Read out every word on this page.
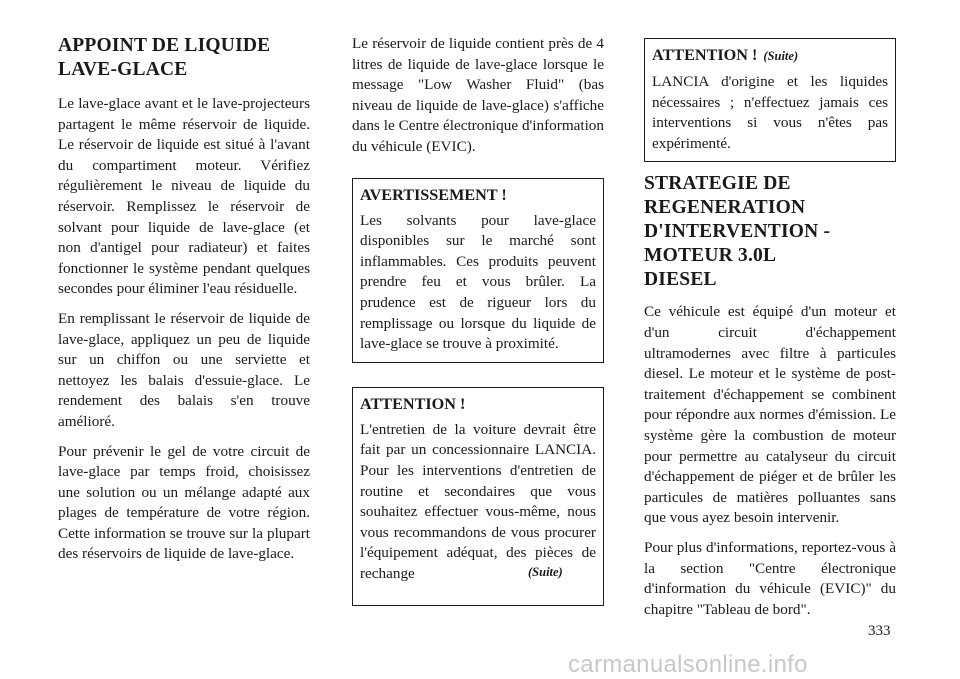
APPOINT DE LIQUIDE LAVE-GLACE

Le lave-glace avant et le lave-projecteurs partagent le même réservoir de liquide. Le réservoir de liquide est situé à l'avant du compartiment moteur. Vérifiez régulièrement le niveau de liquide du réservoir. Remplissez le réservoir de solvant pour liquide de lave-glace (et non d'antigel pour radiateur) et faites fonctionner le système pendant quelques secondes pour éliminer l'eau résiduelle.

En remplissant le réservoir de liquide de lave-glace, appliquez un peu de liquide sur un chiffon ou une serviette et nettoyez les balais d'essuie-glace. Le rendement des balais s'en trouve amélioré.

Pour prévenir le gel de votre circuit de lave-glace par temps froid, choisissez une solution ou un mélange adapté aux plages de température de votre région. Cette information se trouve sur la plupart des réservoirs de liquide de lave-glace.

Le réservoir de liquide contient près de 4 litres de liquide de lave-glace lorsque le message "Low Washer Fluid" (bas niveau de liquide de lave-glace) s'affiche dans le Centre électronique d'information du véhicule (EVIC).

AVERTISSEMENT !

Les solvants pour lave-glace disponibles sur le marché sont inflammables. Ces produits peuvent prendre feu et vous brûler. La prudence est de rigueur lors du remplissage ou lorsque du liquide de lave-glace se trouve à proximité.

ATTENTION !

L'entretien de la voiture devrait être fait par un concessionnaire LANCIA. Pour les interventions d'entretien de routine et secondaires que vous souhaitez effectuer vous-même, nous vous recommandons de vous procurer l'équipement adéquat, des pièces de rechange	(Suite)
ATTENTION ! (Suite)

LANCIA d'origine et les liquides nécessaires ; n'effectuez jamais ces interventions si vous n'êtes pas expérimenté.

STRATEGIE DE REGENERATION D'INTERVENTION - MOTEUR 3.0L DIESEL

Ce véhicule est équipé d'un moteur et d'un circuit d'échappement ultramodernes avec filtre à particules diesel. Le moteur et le système de post-traitement d'échappement se combinent pour répondre aux normes d'émission. Le système gère la combustion de moteur pour permettre au catalyseur du circuit d'échappement de piéger et de brûler les particules de matières polluantes sans que vous ayez besoin intervenir.

Pour plus d'informations, reportez-vous à la section "Centre électronique d'information du véhicule (EVIC)" du chapitre "Tableau de bord".

333
carmanualsonline.info
